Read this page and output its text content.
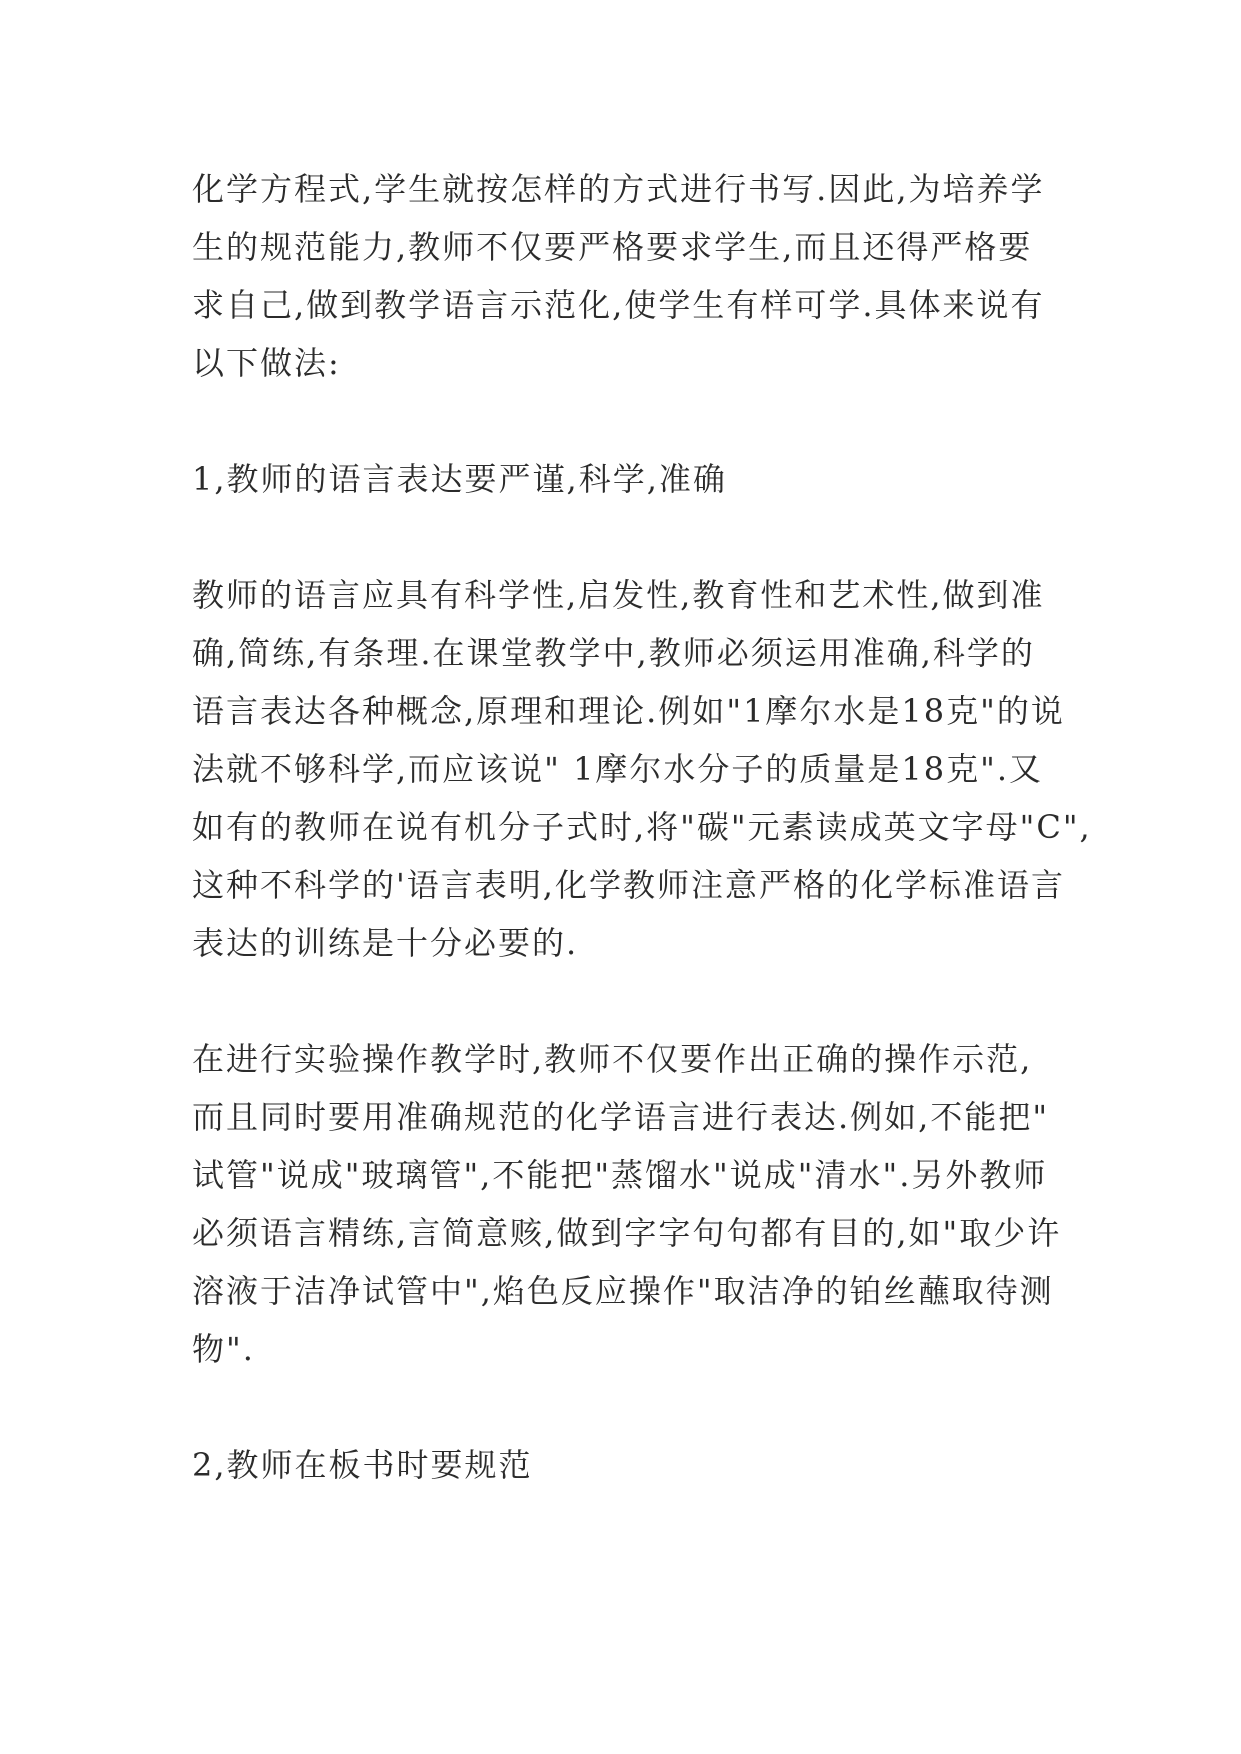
化学方程式,学生就按怎样的方式进行书写.因此,为培养学
生的规范能力,教师不仅要严格要求学生,而且还得严格要
求自己,做到教学语言示范化,使学生有样可学.具体来说有
以下做法:
1,教师的语言表达要严谨,科学,准确
教师的语言应具有科学性,启发性,教育性和艺术性,做到准
确,简练,有条理.在课堂教学中,教师必须运用准确,科学的
语言表达各种概念,原理和理论.例如"1摩尔水是18克"的说
法就不够科学,而应该说" 1摩尔水分子的质量是18克".又
如有的教师在说有机分子式时,将"碳"元素读成英文字母"C",
这种不科学的'语言表明,化学教师注意严格的化学标准语言
表达的训练是十分必要的.
在进行实验操作教学时,教师不仅要作出正确的操作示范,
而且同时要用准确规范的化学语言进行表达.例如,不能把"
试管"说成"玻璃管",不能把"蒸馏水"说成"清水".另外教师
必须语言精练,言简意赅,做到字字句句都有目的,如"取少许
溶液于洁净试管中",焰色反应操作"取洁净的铂丝蘸取待测
物".
2,教师在板书时要规范
